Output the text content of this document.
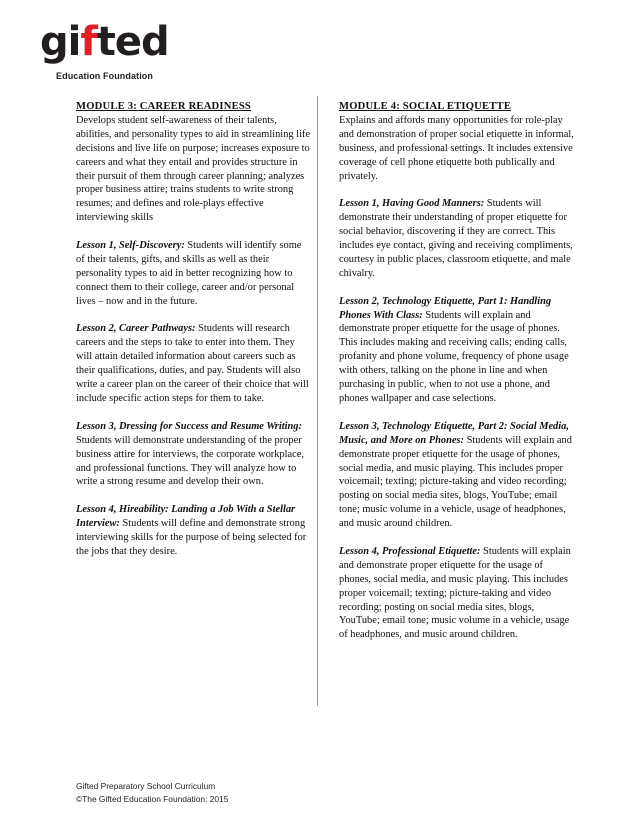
gifted
Education Foundation
MODULE 3: CAREER READINESS

Develops student self-awareness of their talents, abilities, and personality types to aid in streamlining life decisions and live life on purpose; increases exposure to careers and what they entail and provides structure in their pursuit of them through career planning; analyzes proper business attire; trains students to write strong resumes; and defines and role-plays effective interviewing skills

Lesson 1, Self-Discovery: Students will identify some of their talents, gifts, and skills as well as their personality types to aid in better recognizing how to connect them to their college, career and/or personal lives – now and in the future.

Lesson 2, Career Pathways: Students will research careers and the steps to take to enter into them. They will attain detailed information about careers such as their qualifications, duties, and pay. Students will also write a career plan on the career of their choice that will include specific action steps for them to take.

Lesson 3, Dressing for Success and Resume Writing: Students will demonstrate understanding of the proper business attire for interviews, the corporate workplace, and professional functions. They will analyze how to write a strong resume and develop their own.

Lesson 4, Hireability: Landing a Job With a Stellar Interview: Students will define and demonstrate strong interviewing skills for the purpose of being selected for the jobs that they desire.

MODULE 4: SOCIAL ETIQUETTE

Explains and affords many opportunities for role-play and demonstration of proper social etiquette in informal, business, and professional settings. It includes extensive coverage of cell phone etiquette both publically and privately.

Lesson 1, Having Good Manners: Students will demonstrate their understanding of proper etiquette for social behavior, discovering if they are correct. This includes eye contact, giving and receiving compliments, courtesy in public places, classroom etiquette, and male chivalry.

Lesson 2, Technology Etiquette, Part 1: Handling Phones With Class: Students will explain and demonstrate proper etiquette for the usage of phones. This includes making and receiving calls; ending calls, profanity and phone volume, frequency of phone usage with others, talking on the phone in line and when purchasing in public, when to not use a phone, and phones wallpaper and case selections.

Lesson 3, Technology Etiquette, Part 2: Social Media, Music, and More on Phones: Students will explain and demonstrate proper etiquette for the usage of phones, social media, and music playing. This includes proper voicemail; texting; picture-taking and video recording; posting on social media sites, blogs, YouTube; email tone; music volume in a vehicle, usage of headphones, and music around children.

Lesson 4, Professional Etiquette: Students will explain and demonstrate proper etiquette for the usage of phones, social media, and music playing. This includes proper voicemail; texting; picture-taking and video recording; posting on social media sites, blogs, YouTube; email tone; music volume in a vehicle, usage of headphones, and music around children.

Gifted Preparatory School Curriculum
©The Gifted Education Foundation: 2015
